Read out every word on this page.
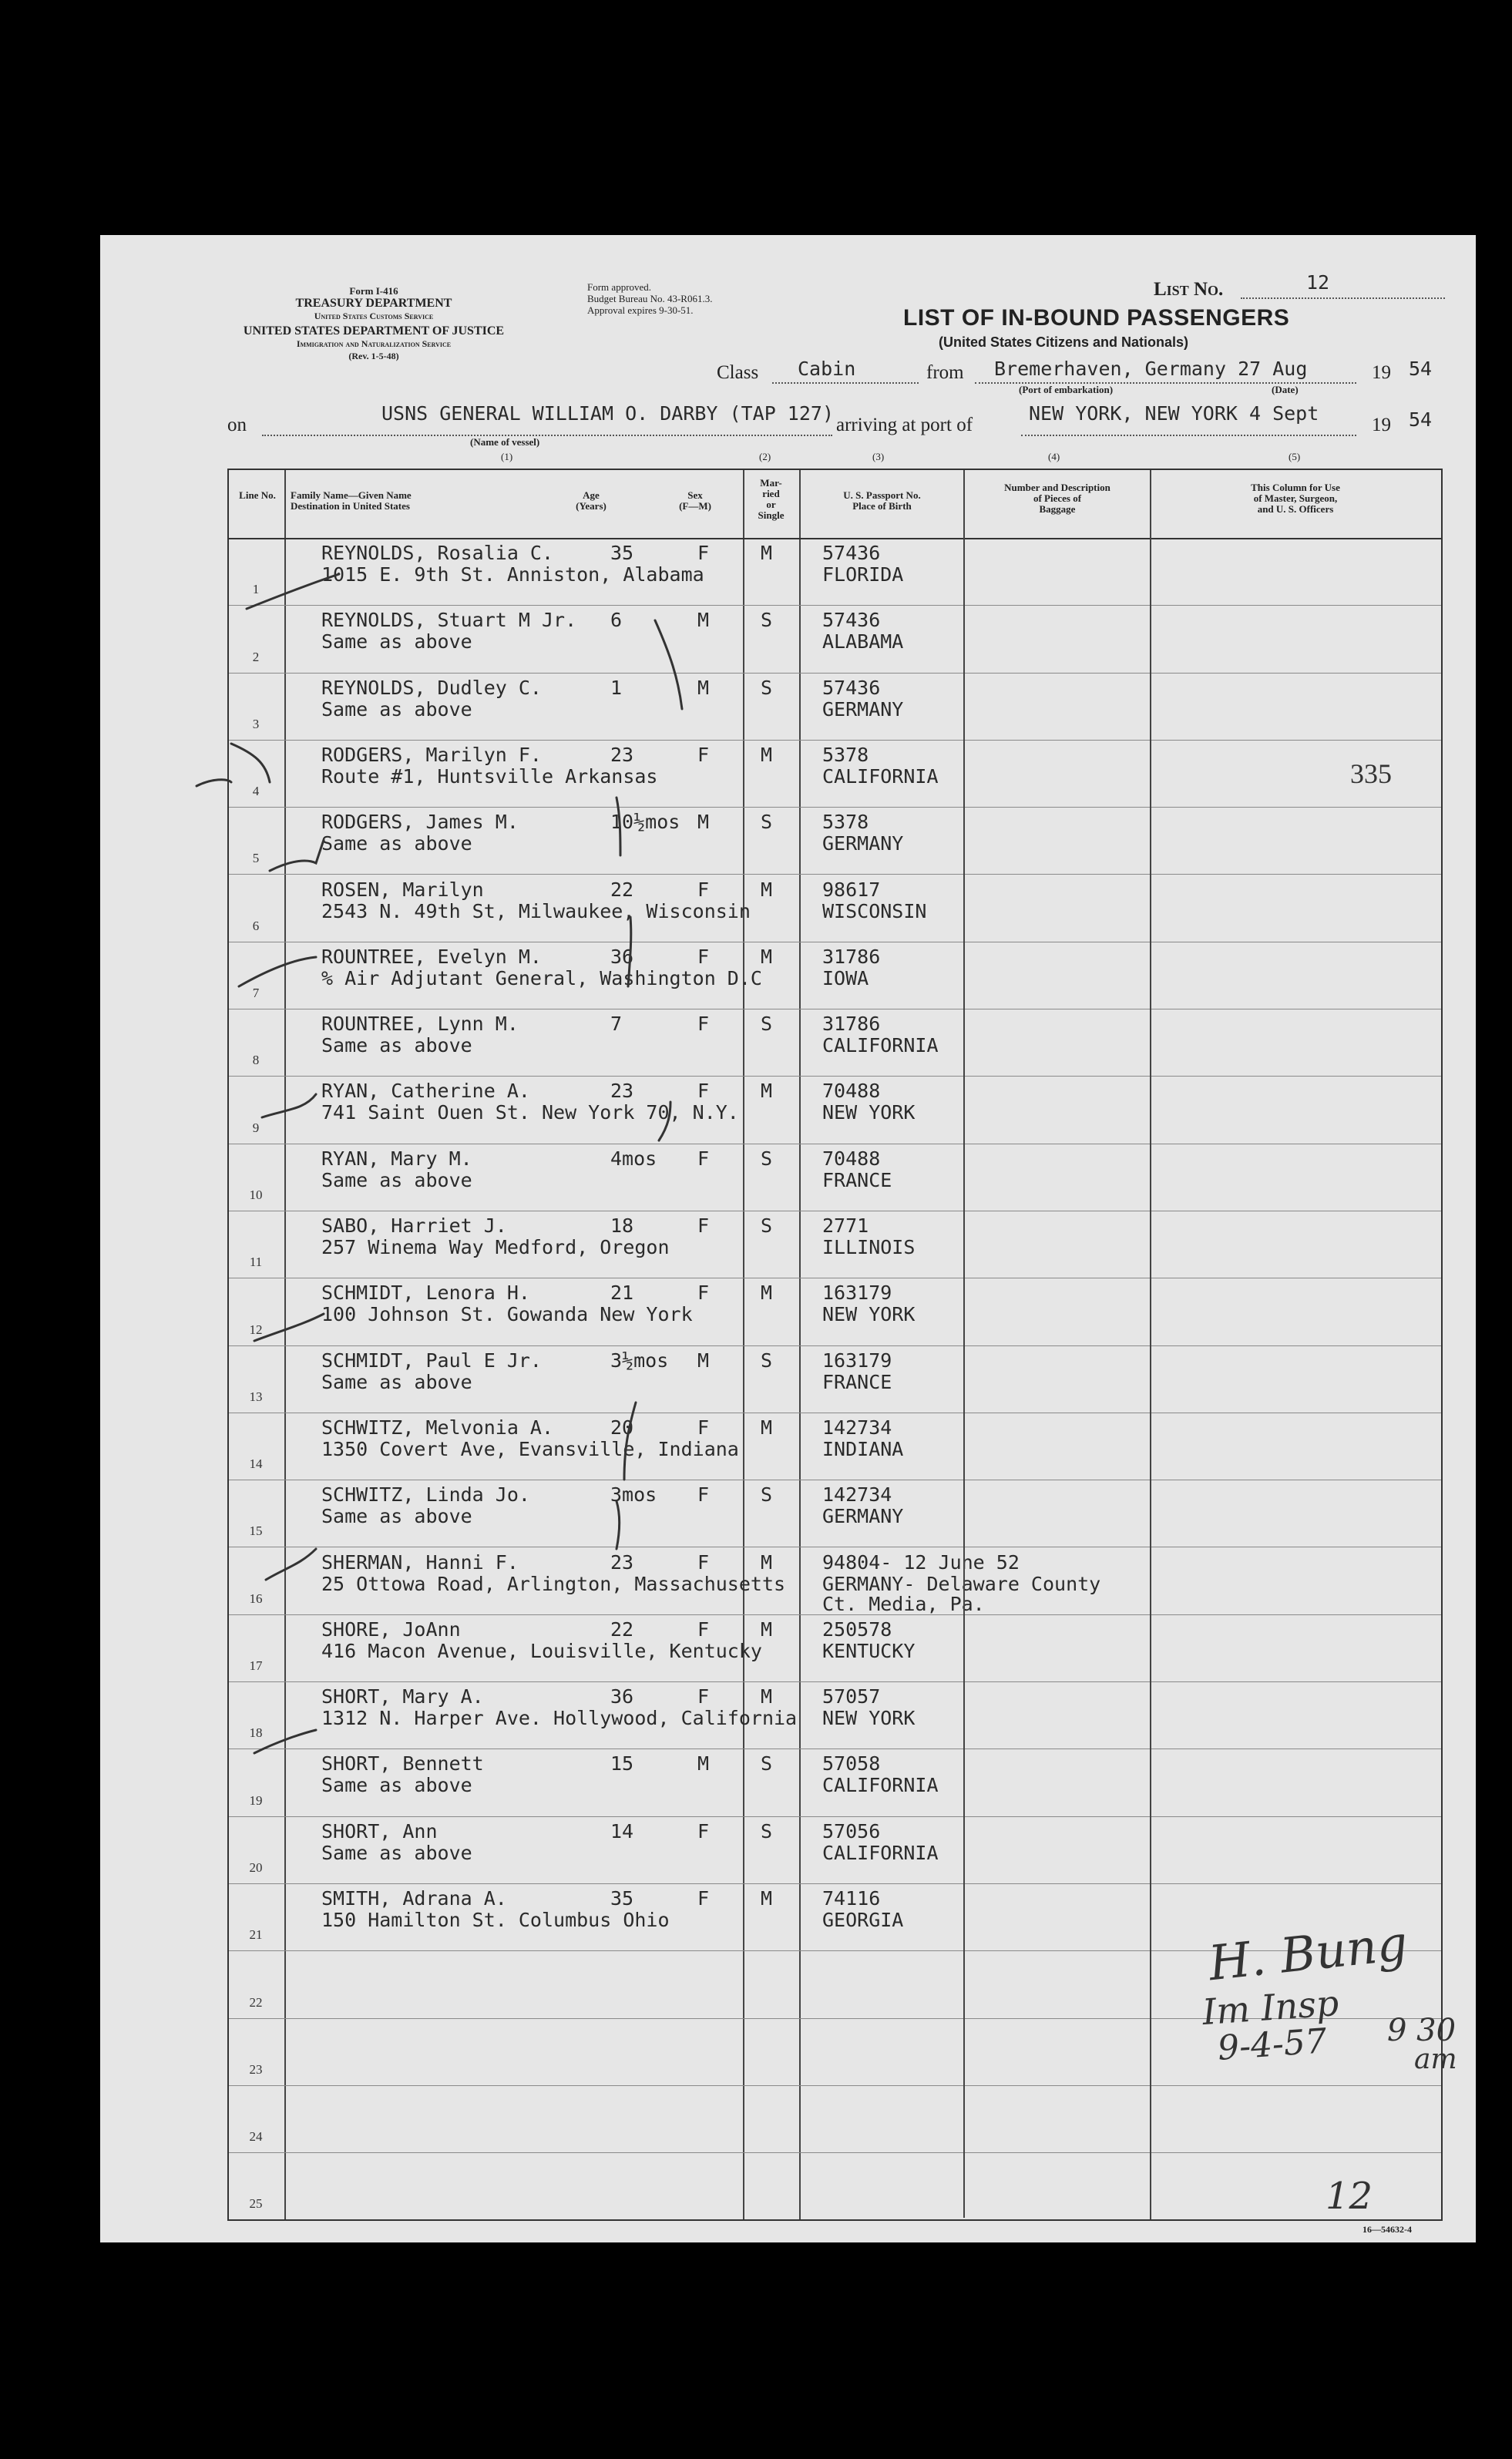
Form I-416
TREASURY DEPARTMENT
United States Customs Service
UNITED STATES DEPARTMENT OF JUSTICE
Immigration and Naturalization Service
(Rev. 1-5-48)
Form approved.
Budget Bureau No. 43-R061.3.
Approval expires 9-30-51.
List No.	12
LIST OF IN-BOUND PASSENGERS
(United States Citizens and Nationals)
Class Cabin	from Bremerhaven, Germany 27 Aug	19 54
(Port of embarkation)	(Date)
on
USNS GENERAL WILLIAM O. DARBY (TAP 127)
(Name of vessel)
(1)
arriving at port of
NEW YORK, NEW YORK 4 Sept
19 54
(2)	(3)	(4)	(5)
Line No.	Family Name—Given Name
Destination in United States
Age
(Years)
Sex
(F—M)
Mar-
ried
or
Single
U. S. Passport No.
Place of Birth
Number and Description
of Pieces of
Baggage
This Column for Use
of Master, Surgeon,
and U. S. Officers
1
REYNOLDS, Rosalia C.
1015 E. 9th St. Anniston, Alabama
35	F	M	57436
FLORIDA
2
REYNOLDS, Stuart M Jr.
Same as above
6	M	S	57436
ALABAMA
3
REYNOLDS, Dudley C.
Same as above
1	M	S	57436
GERMANY
4
RODGERS, Marilyn F.
Route #1, Huntsville Arkansas
23	F	M	5378
CALIFORNIA
5
RODGERS, James M.
Same as above
10½mos M	S	5378
GERMANY
6
ROSEN, Marilyn
2543 N. 49th St, Milwaukee, Wisconsin
22	F	M	98617
WISCONSIN
7
ROUNTREE, Evelyn M.
% Air Adjutant General, Washington D.C
36	F	M	31786
IOWA
8
ROUNTREE, Lynn M.
Same as above
7	F	S	31786
CALIFORNIA
9
RYAN, Catherine A.
741 Saint Ouen St. New York 70, N.Y.
23	F	M	70488
NEW YORK
10
RYAN, Mary M.
Same as above
4mos F	S	70488
FRANCE
11
SABO, Harriet J.
257 Winema Way Medford, Oregon
18	F	S	2771
ILLINOIS
12
SCHMIDT, Lenora H.
100 Johnson St. Gowanda New York
21	F	M	163179
NEW YORK
13
SCHMIDT, Paul E Jr.
Same as above
3½mos M	S	163179
FRANCE
14
SCHWITZ, Melvonia A.
1350 Covert Ave, Evansville, Indiana
20	F	M	142734
INDIANA
15
SCHWITZ, Linda Jo.
Same as above
3mos F	S	142734
GERMANY
16
SHERMAN, Hanni F.
25 Ottowa Road, Arlington, Massachusetts
23	F	M	94804- 12 June 52
GERMANY- Delaware County
Ct. Media, Pa.
17
SHORE, JoAnn
416 Macon Avenue, Louisville, Kentucky
22	F	M	250578
KENTUCKY
18
SHORT, Mary A.
1312 N. Harper Ave. Hollywood, California
36	F	M	57057
NEW YORK
19
SHORT, Bennett
Same as above
15	M	S	57058
CALIFORNIA
20
SHORT, Ann
Same as above
14	F	S	57056
CALIFORNIA
21
SMITH, Adrana A.
150 Hamilton St. Columbus Ohio
35	F	M	74116
GEORGIA
22
23
24
25
335
H. Bung
Im Insp
9-4-57 9 30
am
12
16—54632-4
